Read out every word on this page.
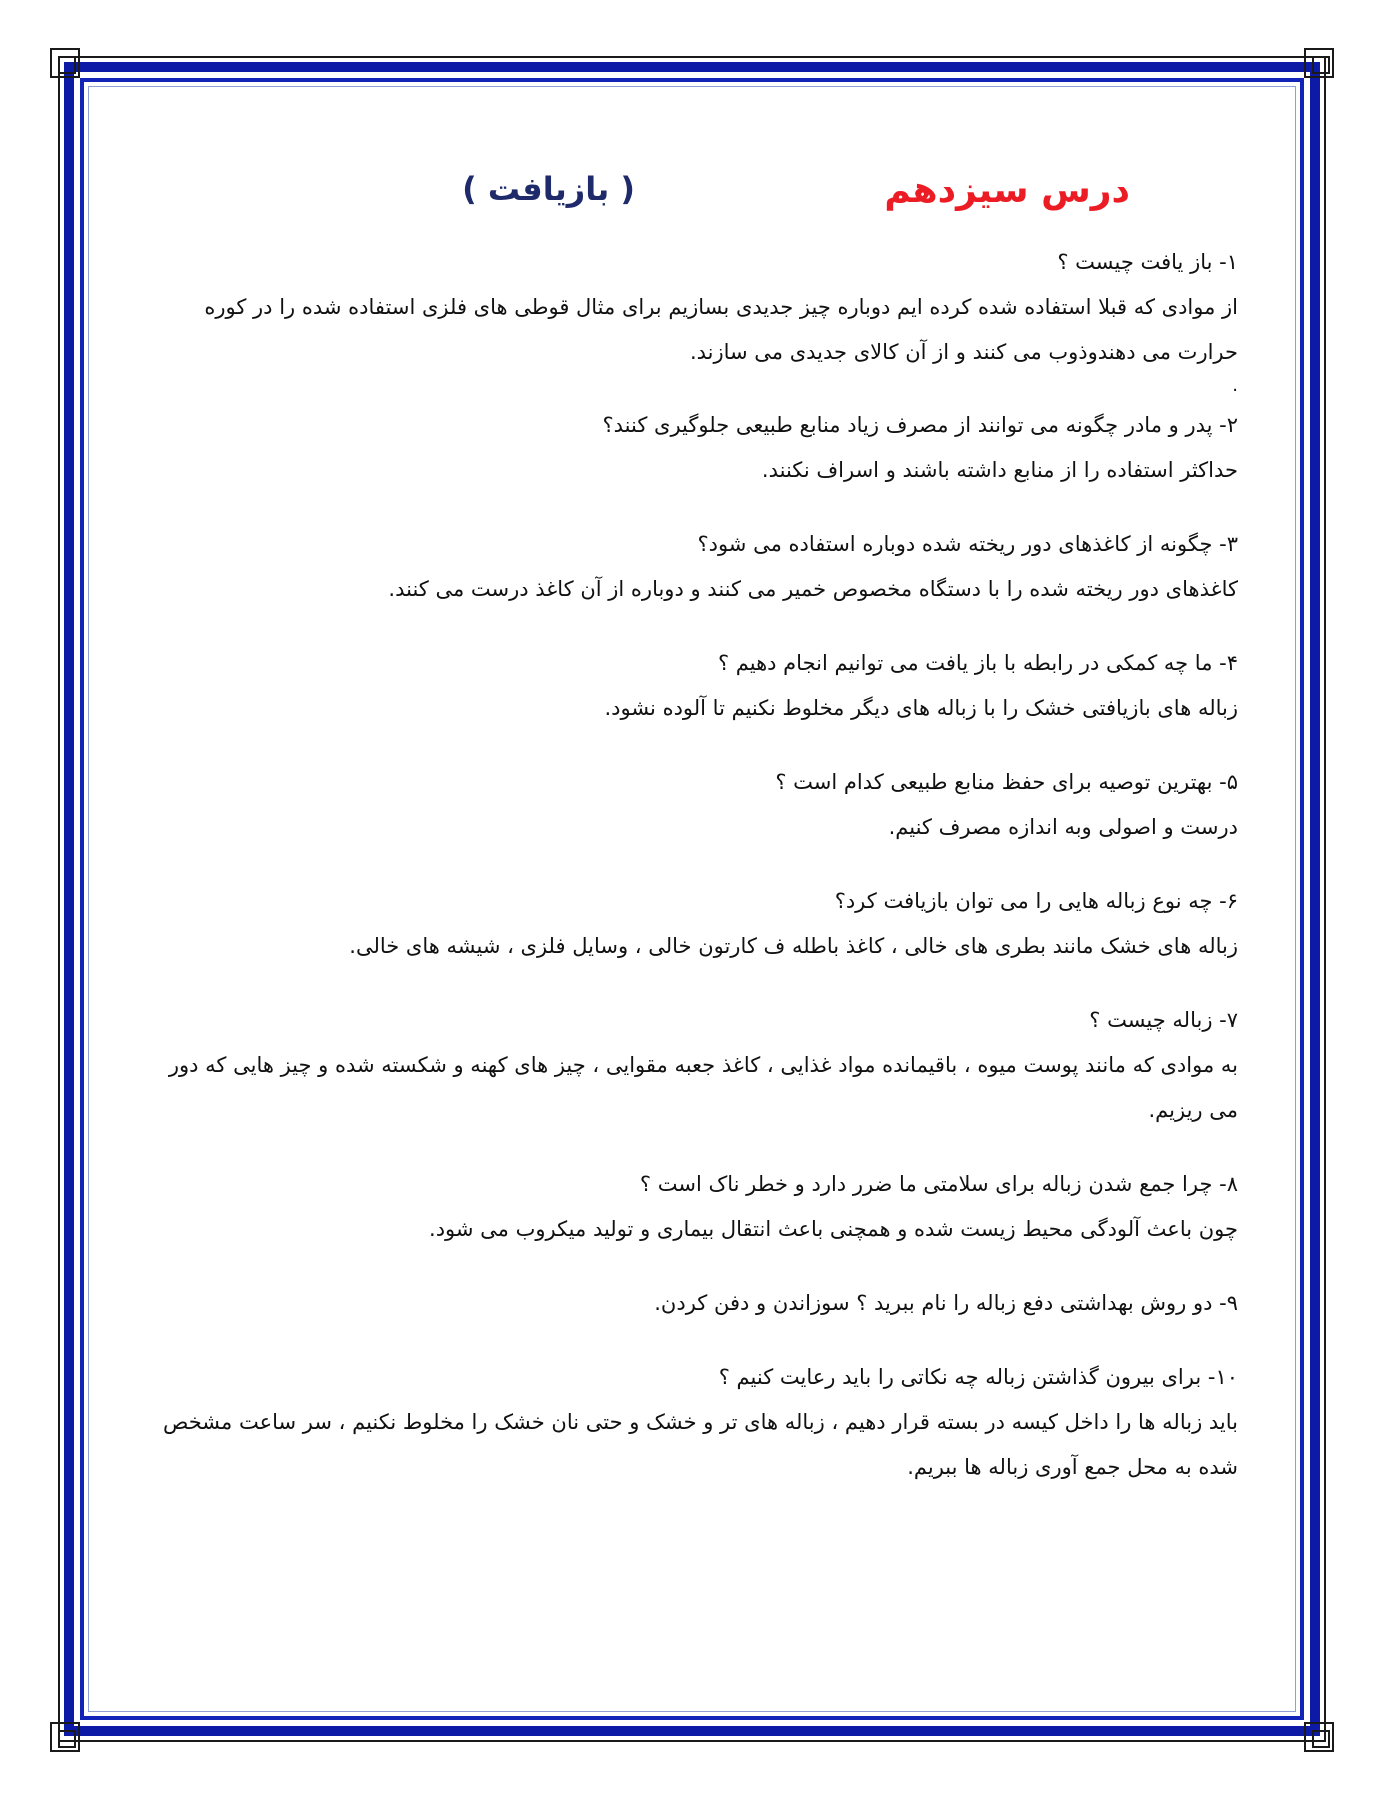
درس سیزدهم
( بازیافت )
۱- باز یافت چیست ؟
از موادی که قبلا استفاده شده کرده ایم دوباره چیز جدیدی بسازیم برای مثال قوطی های فلزی استفاده شده را در کوره حرارت می دهندوذوب می کنند و از آن کالای جدیدی می سازند.
.
۲- پدر و مادر چگونه می توانند از مصرف زیاد منابع طبیعی جلوگیری کنند؟
حداکثر استفاده را از منابع داشته باشند و اسراف نکنند.
۳- چگونه از کاغذهای دور ریخته شده دوباره استفاده می شود؟
کاغذهای دور ریخته شده را با دستگاه مخصوص خمیر می کنند و دوباره از آن کاغذ درست می کنند.
۴- ما چه کمکی در رابطه با باز یافت می توانیم انجام دهیم ؟
زباله های بازیافتی خشک را با زباله های دیگر مخلوط نکنیم تا آلوده نشود.
۵- بهترین توصیه برای حفظ منابع طبیعی کدام است ؟
درست و اصولی وبه اندازه مصرف کنیم.
۶- چه نوع زباله هایی را می توان بازیافت کرد؟
زباله های خشک مانند بطری های خالی ، کاغذ باطله ف کارتون خالی ، وسایل فلزی ، شیشه های خالی.
۷- زباله چیست ؟
به موادی که مانند پوست میوه ، باقیمانده مواد غذایی ، کاغذ جعبه مقوایی ، چیز های کهنه و شکسته شده و چیز هایی که دور می ریزیم.
۸- چرا جمع شدن زباله برای سلامتی ما ضرر دارد و خطر ناک است ؟
چون باعث آلودگی محیط زیست شده و همچنی باعث انتقال بیماری و تولید میکروب می شود.
۹- دو روش بهداشتی دفع زباله را نام ببرید ؟ سوزاندن و دفن کردن.
۱۰- برای بیرون گذاشتن زباله چه نکاتی را باید رعایت کنیم ؟
باید زباله ها را داخل کیسه در بسته قرار دهیم ، زباله های تر و خشک و حتی نان خشک را مخلوط نکنیم ، سر ساعت مشخص شده به محل جمع آوری زباله ها ببریم.
